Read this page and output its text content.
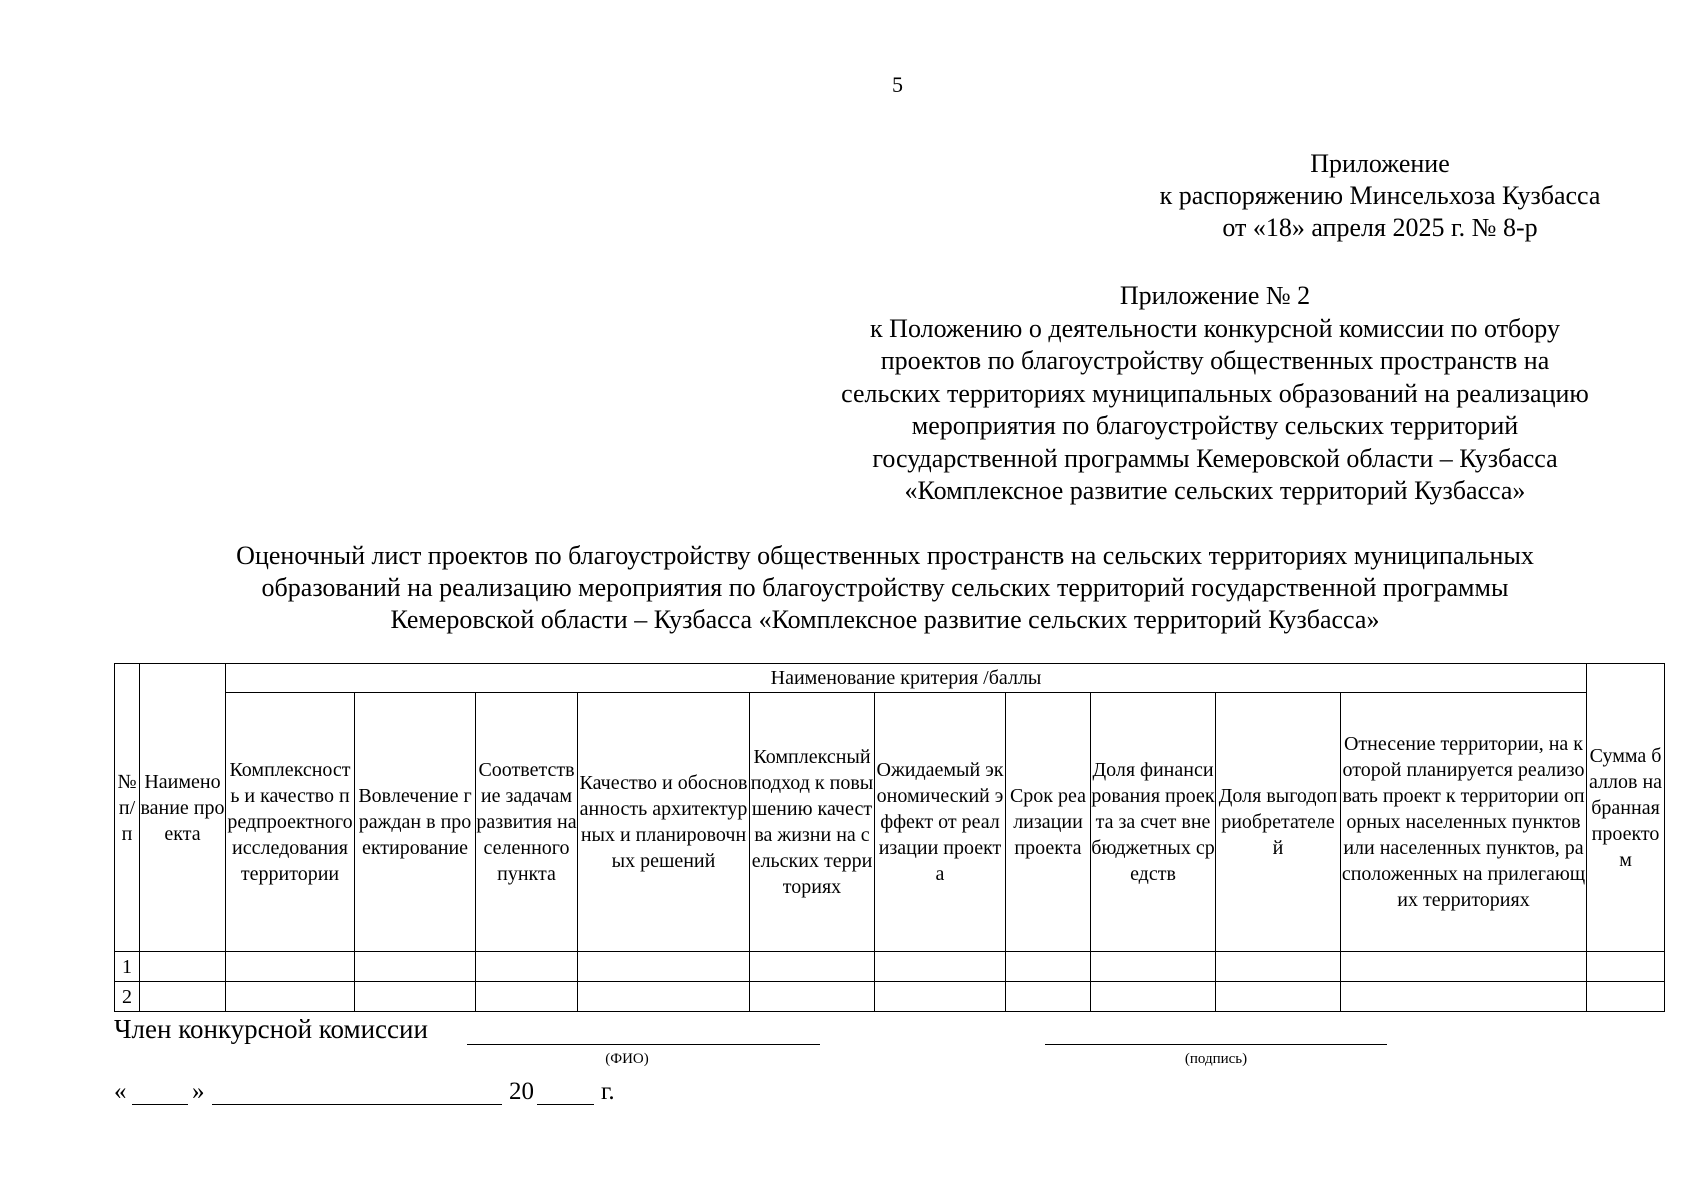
5
Приложение
к распоряжению Минсельхоза Кузбасса
от «18» апреля 2025 г. № 8-р
Приложение № 2
к Положению о деятельности конкурсной комиссии по отбору
проектов по благоустройству общественных пространств на
сельских территориях муниципальных образований на реализацию
мероприятия по благоустройству сельских территорий
государственной программы Кемеровской области – Кузбасса
«Комплексное развитие сельских территорий Кузбасса»
Оценочный лист проектов по благоустройству общественных пространств на сельских территориях муниципальных
образований на реализацию мероприятия по благоустройству сельских территорий государственной программы
Кемеровской области – Кузбасса «Комплексное развитие сельских территорий Кузбасса»
№ п/п	Наименование проекта	Наименование критерия /баллы										Сумма баллов набранная проектом
		Комплексность и качество предпроектного исследования территории	Вовлечение граждан в проектирование	Соответствие задачам развития населенного пункта	Качество и обоснованность архитектурных и планировочных решений	Комплексный подход к повышению качества жизни на сельских территориях	Ожидаемый экономический эффект от реализации проекта	Срок реализации проекта	Доля финансирования проекта за счет внебюджетных средств	Доля выгодоприобретателей	Отнесение территории, на которой планируется реализовать проект к территории опорных населенных пунктов или населенных пунктов, расположенных на прилегающих территориях	
1												
2												
Член конкурсной комиссии
(ФИО)	(подпись)
«	»	20	г.
